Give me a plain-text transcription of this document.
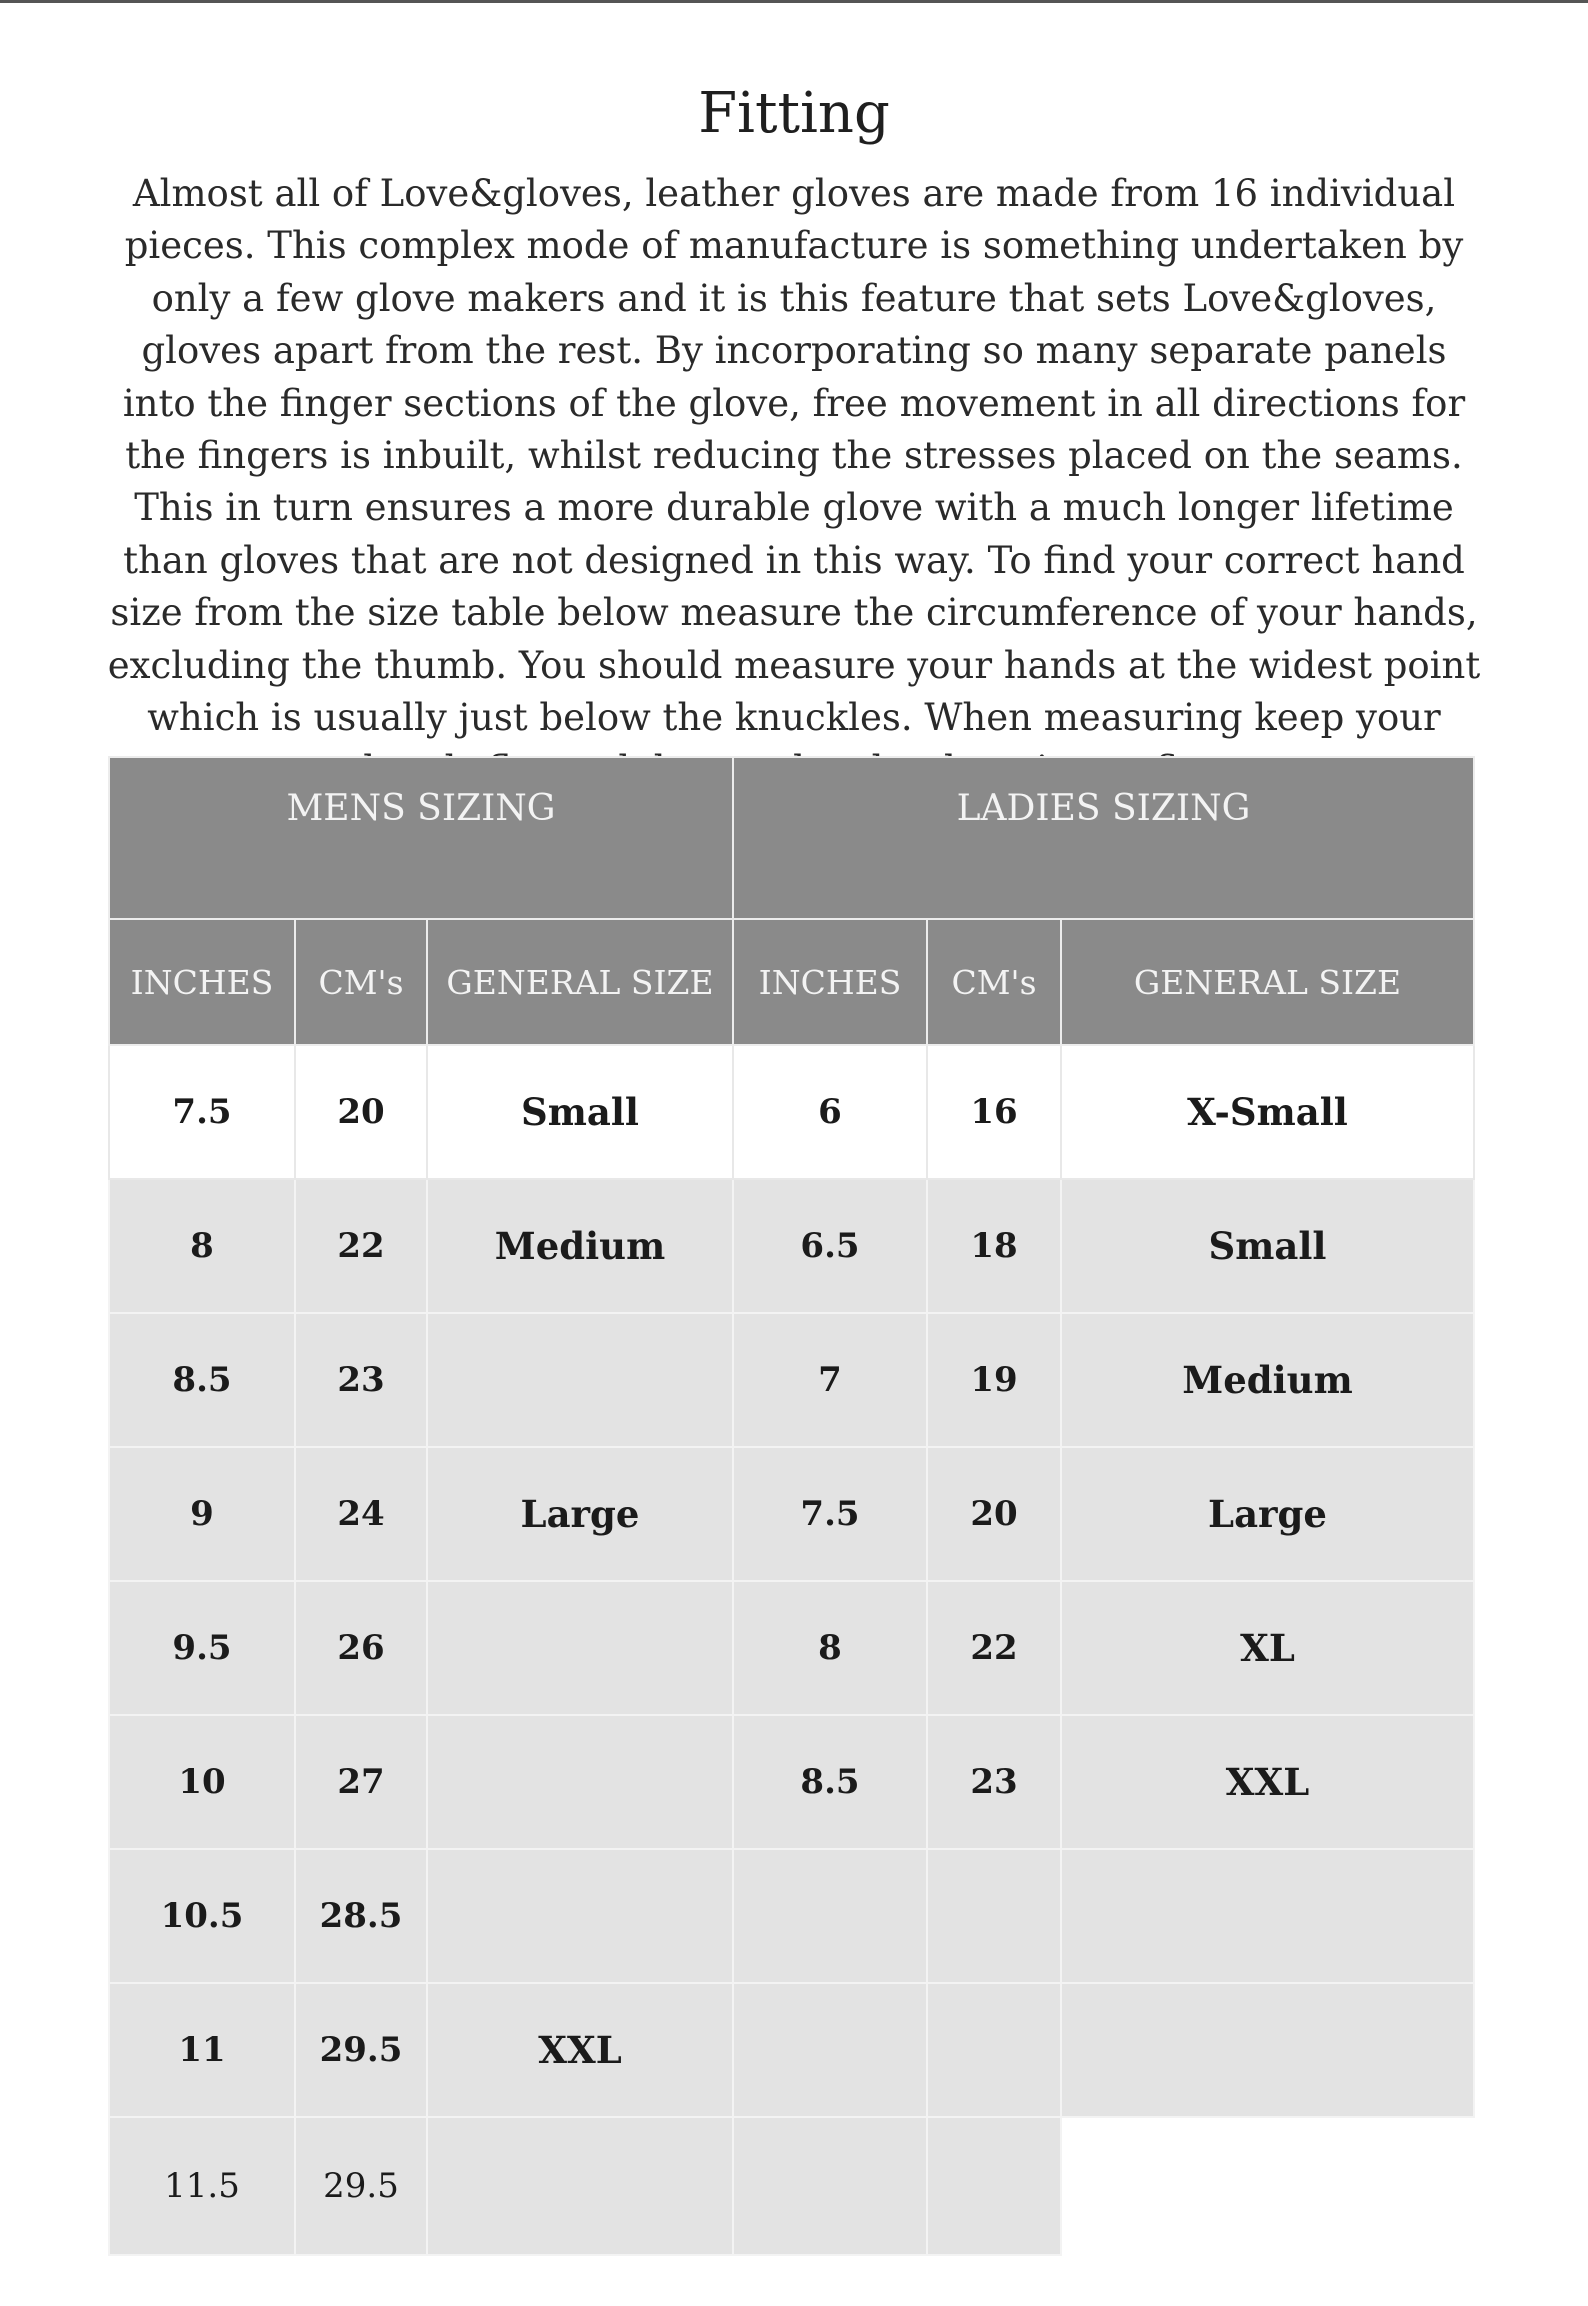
Fitting

Almost all of Love&gloves, leather gloves are made from 16 individual pieces. This complex mode of manufacture is something undertaken by only a few glove makers and it is this feature that sets Love&gloves, gloves apart from the rest. By incorporating so many separate panels into the finger sections of the glove, free movement in all directions for the fingers is inbuilt, whilst reducing the stresses placed on the seams. This in turn ensures a more durable glove with a much longer lifetime than gloves that are not designed in this way. To find your correct hand size from the size table below measure the circumference of your hands, excluding the thumb. You should measure your hands at the widest point which is usually just below the knuckles. When measuring keep your

MENS SIZING			LADIES SIZING		
INCHES	CM's	GENERAL SIZE	INCHES	CM's	GENERAL SIZE
7.5	20	Small	6	16	X-Small
8	22	Medium	6.5	18	Small
8.5	23		7	19	Medium
9	24	Large	7.5	20	Large
9.5	26		8	22	XL
10	27		8.5	23	XXL
10.5	28.5				
11	29.5	XXL			
11.5	29.5				
